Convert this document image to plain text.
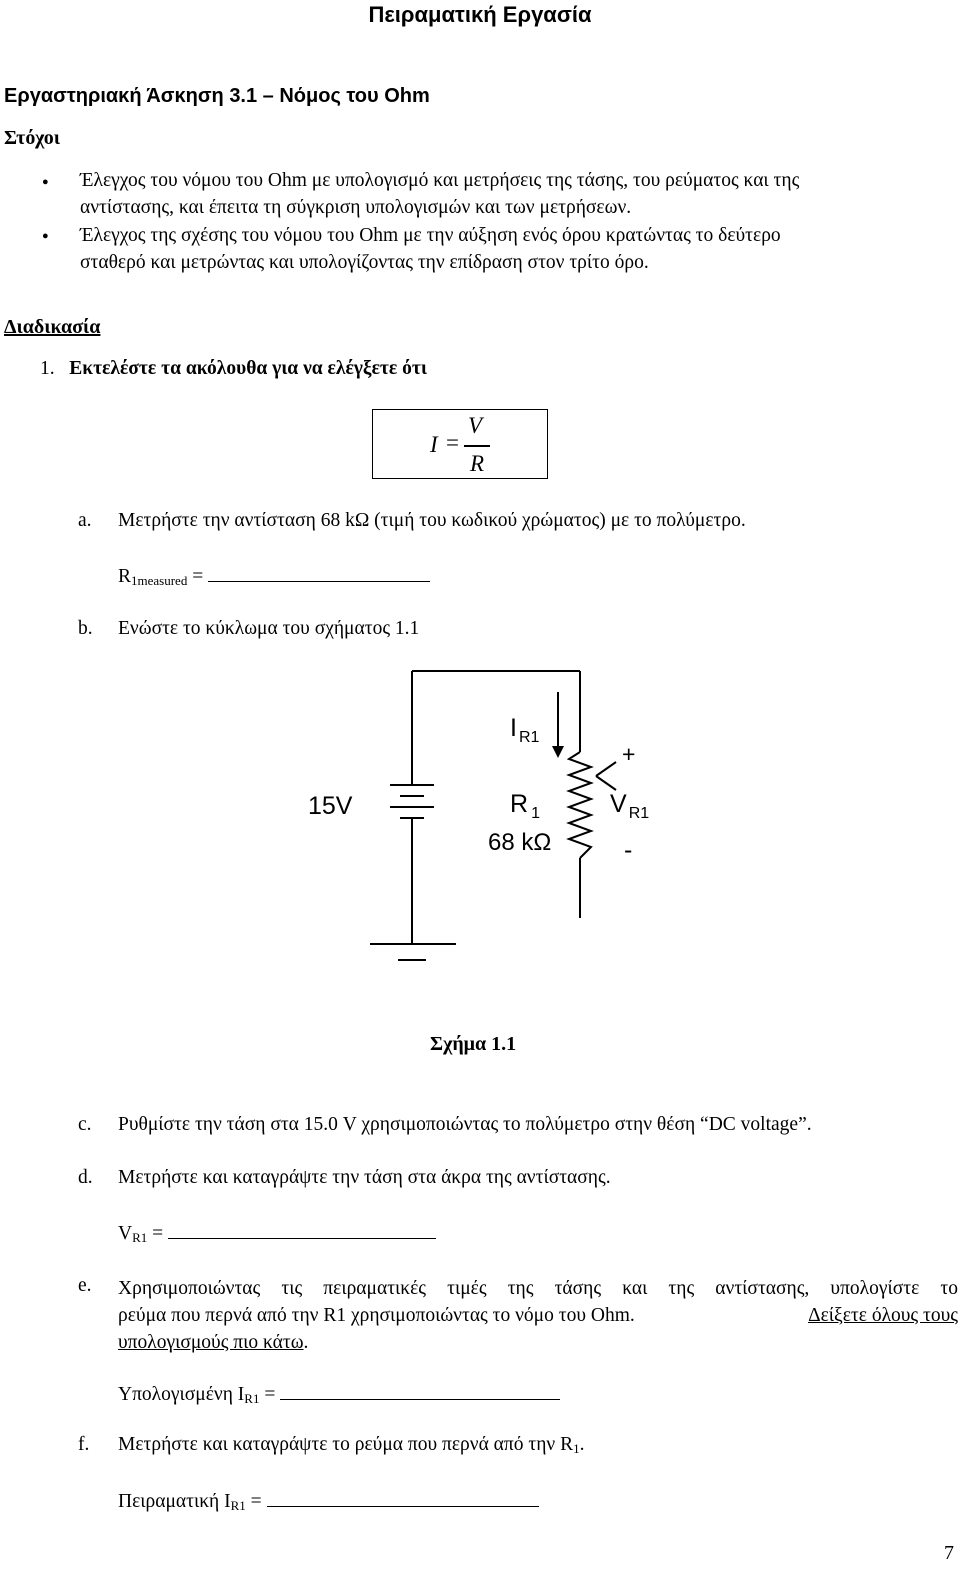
Πειραματική Εργασία
Εργαστηριακή Άσκηση 3.1 – Νόμος του Ohm
Στόχοι
● Έλεγχος του νόμου του Ohm με υπολογισμό και μετρήσεις της τάσης, του ρεύματος και της
αντίστασης, και έπειτα τη σύγκριση υπολογισμών και των μετρήσεων.
● Έλεγχος της σχέσης του νόμου του Ohm με την αύξηση ενός όρου κρατώντας το δεύτερο
σταθερό και μετρώντας και υπολογίζοντας την επίδραση στον τρίτο όρο.
Διαδικασία
1. Εκτελέστε τα ακόλουθα για να ελέγξετε ότι
I =
V
R
a. Μετρήστε την αντίσταση 68 kΩ (τιμή του κωδικού χρώματος) με το πολύμετρο.
$R_{1measured}$ =
b. Ενώστε το κύκλωμα του σχήματος 1.1
15V
I $_{R1}$
R $_1$
68 kΩ
+
V $_{R1}$
-
Σχήμα 1.1
c. Ρυθμίστε την τάση στα 15.0 V χρησιμοποιώντας το πολύμετρο στην θέση “DC voltage”.
d. Μετρήστε και καταγράψτε την τάση στα άκρα της αντίστασης.
$V_{R1}$ =
e. Χρησιμοποιώντας τις πειραματικές τιμές της τάσης και της αντίστασης, υπολογίστε το
ρεύμα που περνά από την R1 χρησιμοποιώντας το νόμο του Ohm.	Δείξετε όλους τους
υπολογισμούς πιο κάτω.
Υπολογισμένη $I_{R1}$ =
f. Μετρήστε και καταγράψτε το ρεύμα που περνά από την $R_1$.
Πειραματική $I_{R1}$ =
7
